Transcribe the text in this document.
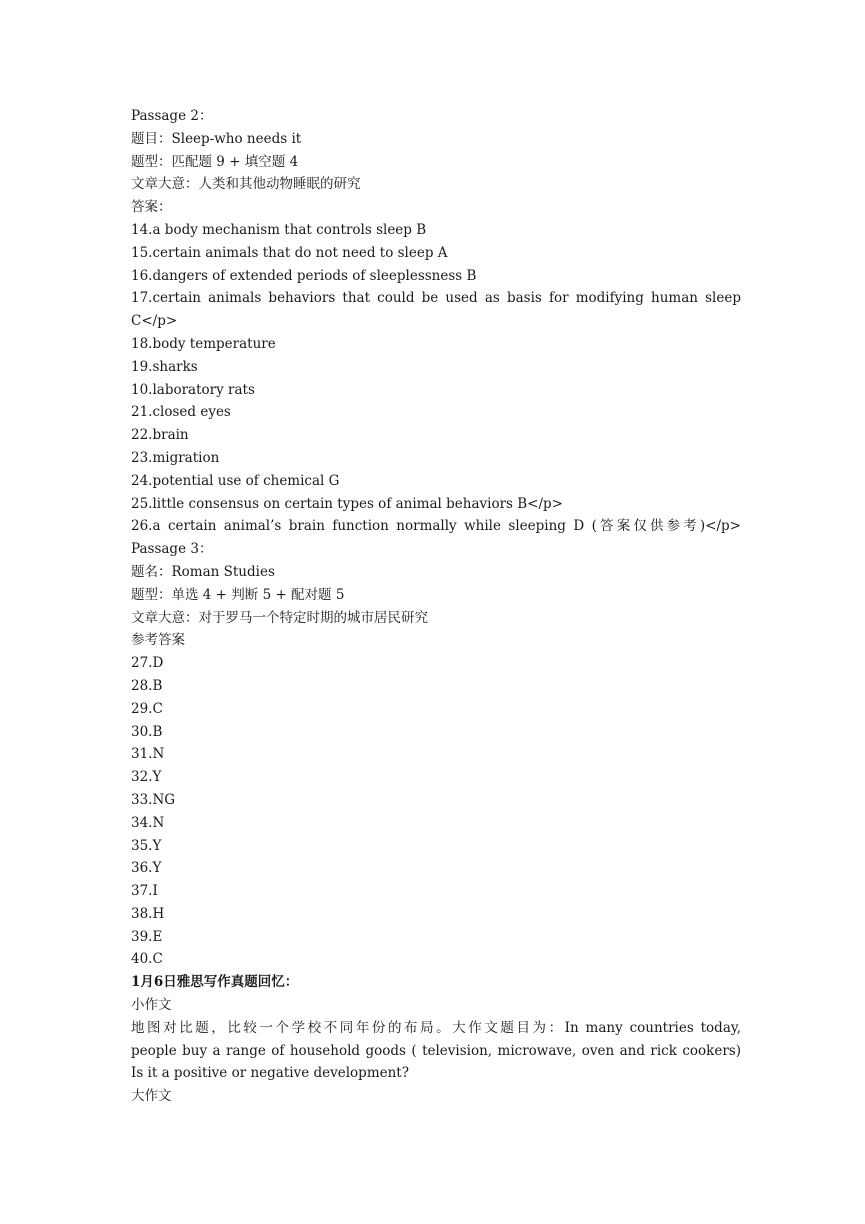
Passage 2：
题目：Sleep-who needs it
题型：匹配题 9 + 填空题 4
文章大意：人类和其他动物睡眠的研究
答案：
14.a body mechanism that controls sleep B
15.certain animals that do not need to sleep A
16.dangers of extended periods of sleeplessness B
17.certain animals behaviors that could be used as basis for modifying human sleep
C</p>
18.body temperature
19.sharks
10.laboratory rats
21.closed eyes
22.brain
23.migration
24.potential use of chemical G
25.little consensus on certain types of animal behaviors B</p>
26.a certain animal’s brain function normally while sleeping D (答案仅供参考)</p>
Passage 3：
题名：Roman Studies
题型：单选 4 + 判断 5 + 配对题 5
文章大意：对于罗马一个特定时期的城市居民研究
参考答案
27.D
28.B
29.C
30.B
31.N
32.Y
33.NG
34.N
35.Y
36.Y
37.I
38.H
39.E
40.C
1月6日雅思写作真题回忆：
小作文
地图对比题，比较一个学校不同年份的布局。大作文题目为：In many countries today,
people buy a range of household goods ( television, microwave, oven and rick cookers)
Is it a positive or negative development?
大作文
